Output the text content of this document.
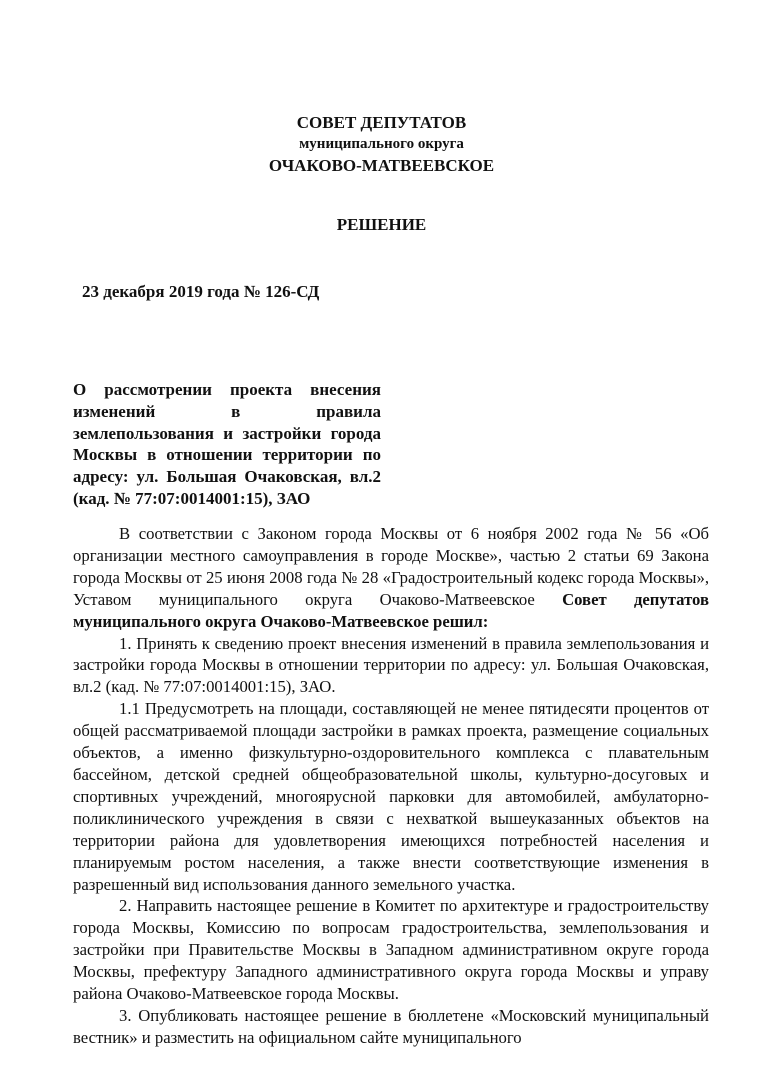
СОВЕТ ДЕПУТАТОВ
муниципального округа
ОЧАКОВО-МАТВЕЕВСКОЕ
РЕШЕНИЕ
23 декабря 2019 года № 126-СД
О рассмотрении проекта внесения изменений в правила землепользования и застройки города Москвы в отношении территории по адресу: ул. Большая Очаковская, вл.2 (кад. № 77:07:0014001:15), ЗАО

В соответствии с Законом города Москвы от 6 ноября 2002 года № 56 «Об организации местного самоуправления в городе Москве», частью 2 статьи 69 Закона города Москвы от 25 июня 2008 года № 28 «Градостроительный кодекс города Москвы», Уставом муниципального округа Очаково-Матвеевское Совет депутатов муниципального округа Очаково-Матвеевское решил:

1. Принять к сведению проект внесения изменений в правила землепользования и застройки города Москвы в отношении территории по адресу: ул. Большая Очаковская, вл.2 (кад. № 77:07:0014001:15), ЗАО.

1.1 Предусмотреть на площади, составляющей не менее пятидесяти процентов от общей рассматриваемой площади застройки в рамках проекта, размещение социальных объектов, а именно физкультурно-оздоровительного комплекса с плавательным бассейном, детской средней общеобразовательной школы, культурно-досуговых и спортивных учреждений, многоярусной парковки для автомобилей, амбулаторно-поликлинического учреждения в связи с нехваткой вышеуказанных объектов на территории района для удовлетворения имеющихся потребностей населения и планируемым ростом населения, а также внести соответствующие изменения в разрешенный вид использования данного земельного участка.

2. Направить настоящее решение в Комитет по архитектуре и градостроительству города Москвы, Комиссию по вопросам градостроительства, землепользования и застройки при Правительстве Москвы в Западном административном округе города Москвы, префектуру Западного административного округа города Москвы и управу района Очаково-Матвеевское города Москвы.

3. Опубликовать настоящее решение в бюллетене «Московский муниципальный вестник» и разместить на официальном сайте муниципального
